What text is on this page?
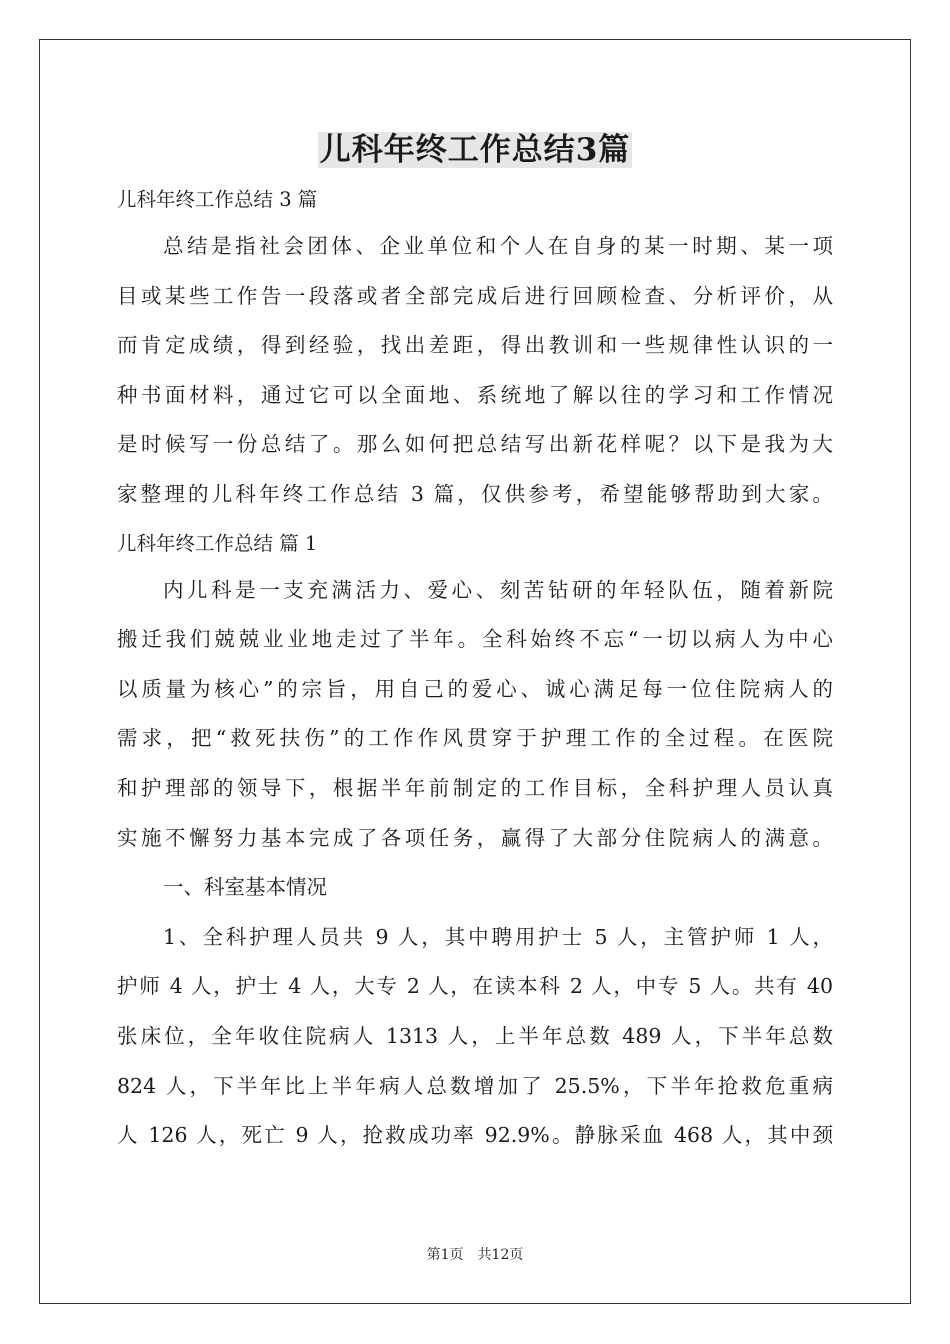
儿科年终工作总结3篇
儿科年终工作总结 3 篇
总结是指社会团体、企业单位和个人在自身的某一时期、某一项
目或某些工作告一段落或者全部完成后进行回顾检查、分析评价，从
而肯定成绩，得到经验，找出差距，得出教训和一些规律性认识的一
种书面材料，通过它可以全面地、系统地了解以往的学习和工作情况
是时候写一份总结了。那么如何把总结写出新花样呢？以下是我为大
家整理的儿科年终工作总结 3 篇，仅供参考，希望能够帮助到大家。
儿科年终工作总结 篇 1
内儿科是一支充满活力、爱心、刻苦钻研的年轻队伍，随着新院
搬迁我们兢兢业业地走过了半年。全科始终不忘“一切以病人为中心
以质量为核心”的宗旨，用自己的爱心、诚心满足每一位住院病人的
需求，把“救死扶伤”的工作作风贯穿于护理工作的全过程。在医院
和护理部的领导下，根据半年前制定的工作目标，全科护理人员认真
实施不懈努力基本完成了各项任务，赢得了大部分住院病人的满意。
一、科室基本情况
1、全科护理人员共 9 人，其中聘用护士 5 人，主管护师 1 人，
护师 4 人，护士 4 人，大专 2 人，在读本科 2 人，中专 5 人。共有 40
张床位，全年收住院病人 1313 人，上半年总数 489 人，下半年总数
824 人，下半年比上半年病人总数增加了 25.5%，下半年抢救危重病
人 126 人，死亡 9 人，抢救成功率 92.9%。静脉采血 468 人，其中颈
第1页 共12页
